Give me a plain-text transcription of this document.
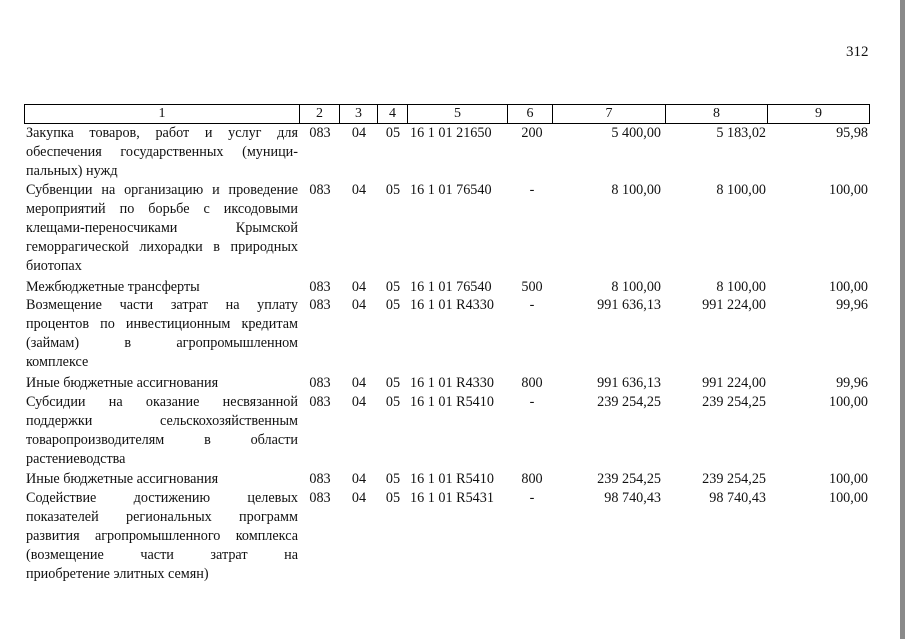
312
1	2	3	4	5	6	7	8	9
Закупка товаров, работ и услуг для
обеспечения государственных (муници-
пальных) нужд
083	04	05 16 1 01 21650	200	5 400,00	5 183,02	95,98
Субвенции на организацию и проведение
мероприятий по борьбе с иксодовыми
клещами-переносчиками Крымской
геморрагической лихорадки в природных
биотопах
083	04	05 16 1 01 76540	-	8 100,00	8 100,00	100,00
Межбюджетные трансферты	083	04	05 16 1 01 76540	500	8 100,00	8 100,00	100,00
Возмещение части затрат на уплату
процентов по инвестиционным кредитам
(займам) в агропромышленном
комплексе
083	04	05 16 1 01 R4330	-	991 636,13	991 224,00	99,96
Иные бюджетные ассигнования	083	04	05 16 1 01 R4330	800	991 636,13	991 224,00	99,96
Субсидии на оказание несвязанной
поддержки сельскохозяйственным
товаропроизводителям в области
растениеводства
083	04	05 16 1 01 R5410	-	239 254,25	239 254,25	100,00
Иные бюджетные ассигнования	083	04	05 16 1 01 R5410	800	239 254,25	239 254,25	100,00
Содействие достижению целевых
показателей региональных программ
развития агропромышленного комплекса
(возмещение части затрат на
приобретение элитных семян)
083	04	05 16 1 01 R5431	-	98 740,43	98 740,43	100,00
